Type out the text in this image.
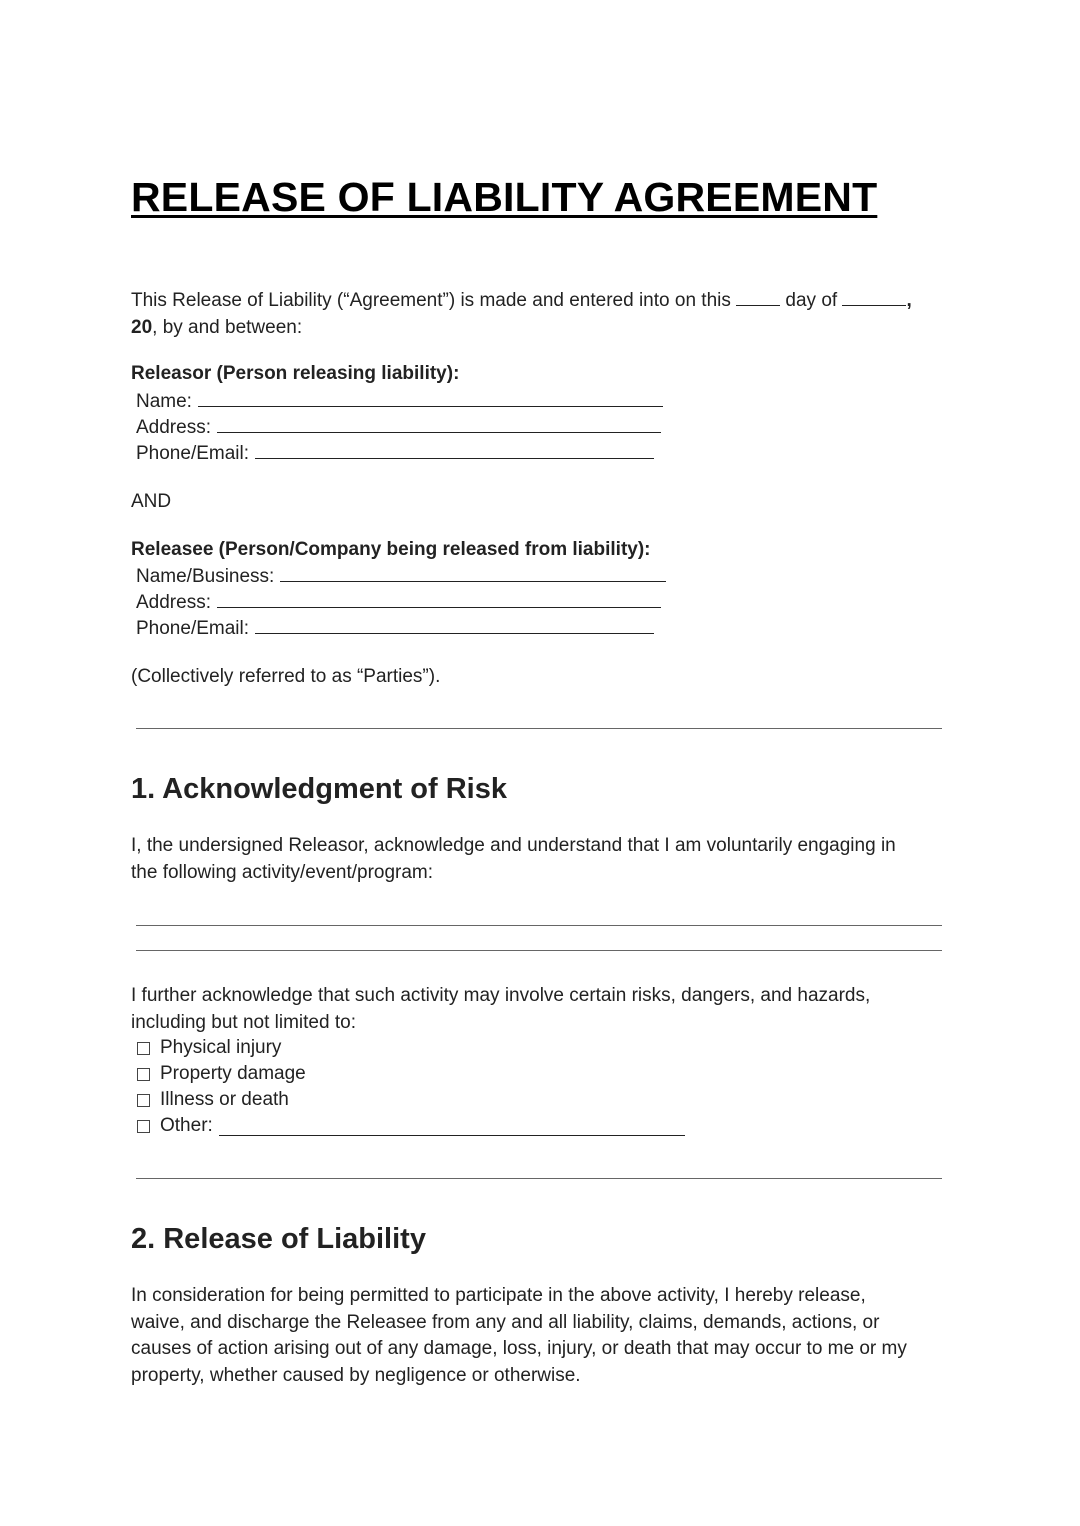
RELEASE OF LIABILITY AGREEMENT
This Release of Liability (“Agreement”) is made and entered into on this	day of	,
20, by and between:
Releasor (Person releasing liability):
Name:
Address:
Phone/Email:
AND
Releasee (Person/Company being released from liability):
Name/Business:
Address:
Phone/Email:
(Collectively referred to as “Parties”).
1. Acknowledgment of Risk
I, the undersigned Releasor, acknowledge and understand that I am voluntarily engaging in
the following activity/event/program:
I further acknowledge that such activity may involve certain risks, dangers, and hazards,
including but not limited to:
Physical injury
Property damage
Illness or death
Other:
2. Release of Liability
In consideration for being permitted to participate in the above activity, I hereby release,
waive, and discharge the Releasee from any and all liability, claims, demands, actions, or
causes of action arising out of any damage, loss, injury, or death that may occur to me or my
property, whether caused by negligence or otherwise.
